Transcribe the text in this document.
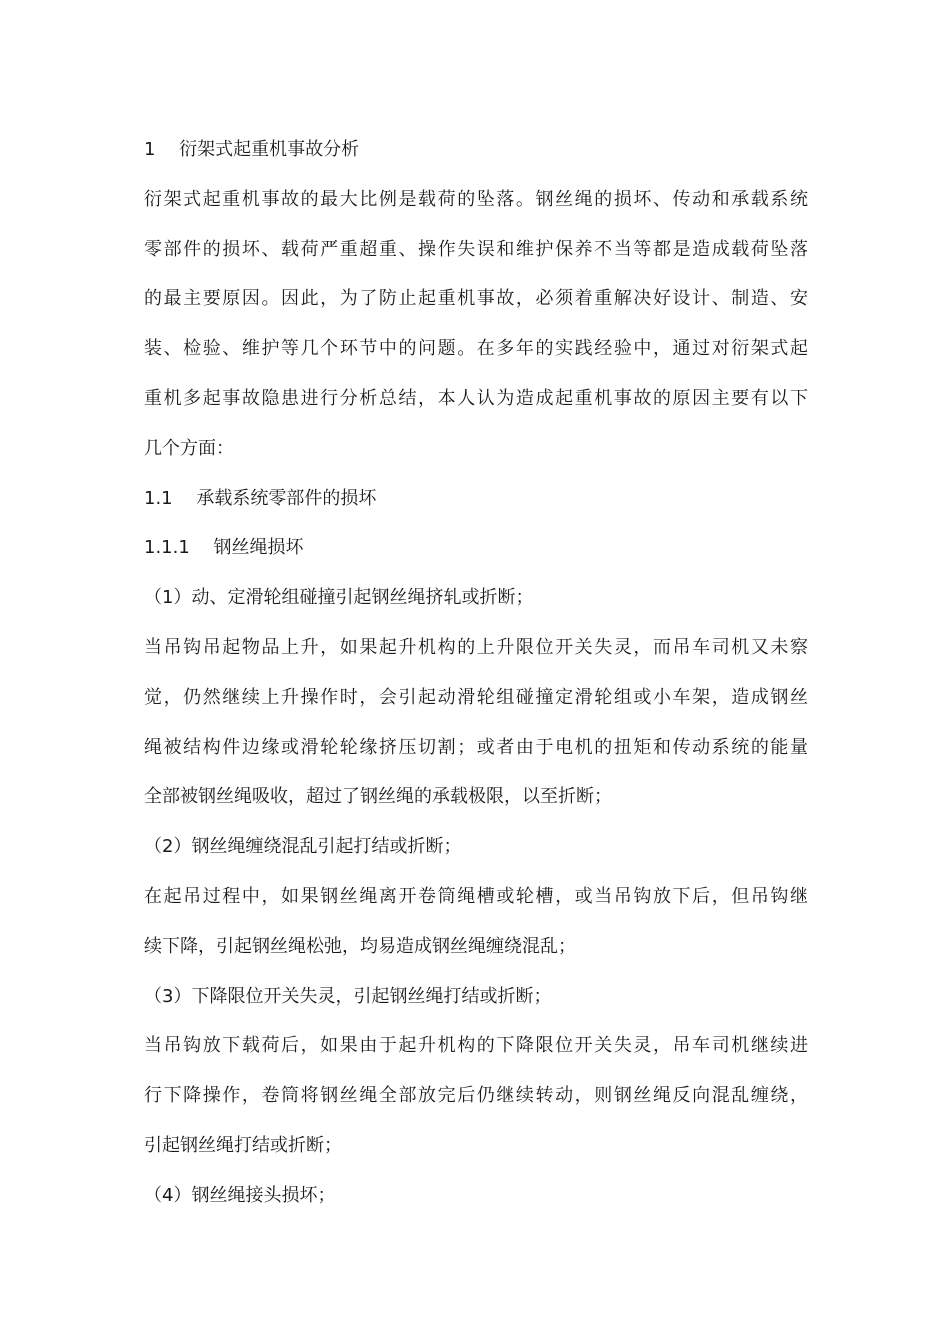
1　 衍架式起重机事故分析
衍架式起重机事故的最大比例是载荷的坠落。钢丝绳的损坏、传动和承载系统
零部件的损坏、载荷严重超重、操作失误和维护保养不当等都是造成载荷坠落
的最主要原因。因此，为了防止起重机事故，必须着重解决好设计、制造、安
装、检验、维护等几个环节中的问题。在多年的实践经验中，通过对衍架式起
重机多起事故隐患进行分析总结，本人认为造成起重机事故的原因主要有以下
几个方面：
1.1　 承载系统零部件的损坏
1.1.1　 钢丝绳损坏
（1）动、定滑轮组碰撞引起钢丝绳挤轧或折断；
当吊钩吊起物品上升，如果起升机构的上升限位开关失灵，而吊车司机又未察
觉，仍然继续上升操作时，会引起动滑轮组碰撞定滑轮组或小车架，造成钢丝
绳被结构件边缘或滑轮轮缘挤压切割；或者由于电机的扭矩和传动系统的能量
全部被钢丝绳吸收，超过了钢丝绳的承载极限，以至折断；
（2）钢丝绳缠绕混乱引起打结或折断；
在起吊过程中，如果钢丝绳离开卷筒绳槽或轮槽，或当吊钩放下后，但吊钩继
续下降，引起钢丝绳松弛，均易造成钢丝绳缠绕混乱；
（3）下降限位开关失灵，引起钢丝绳打结或折断；
当吊钩放下载荷后，如果由于起升机构的下降限位开关失灵，吊车司机继续进
行下降操作，卷筒将钢丝绳全部放完后仍继续转动，则钢丝绳反向混乱缠绕，
引起钢丝绳打结或折断；
（4）钢丝绳接头损坏；
